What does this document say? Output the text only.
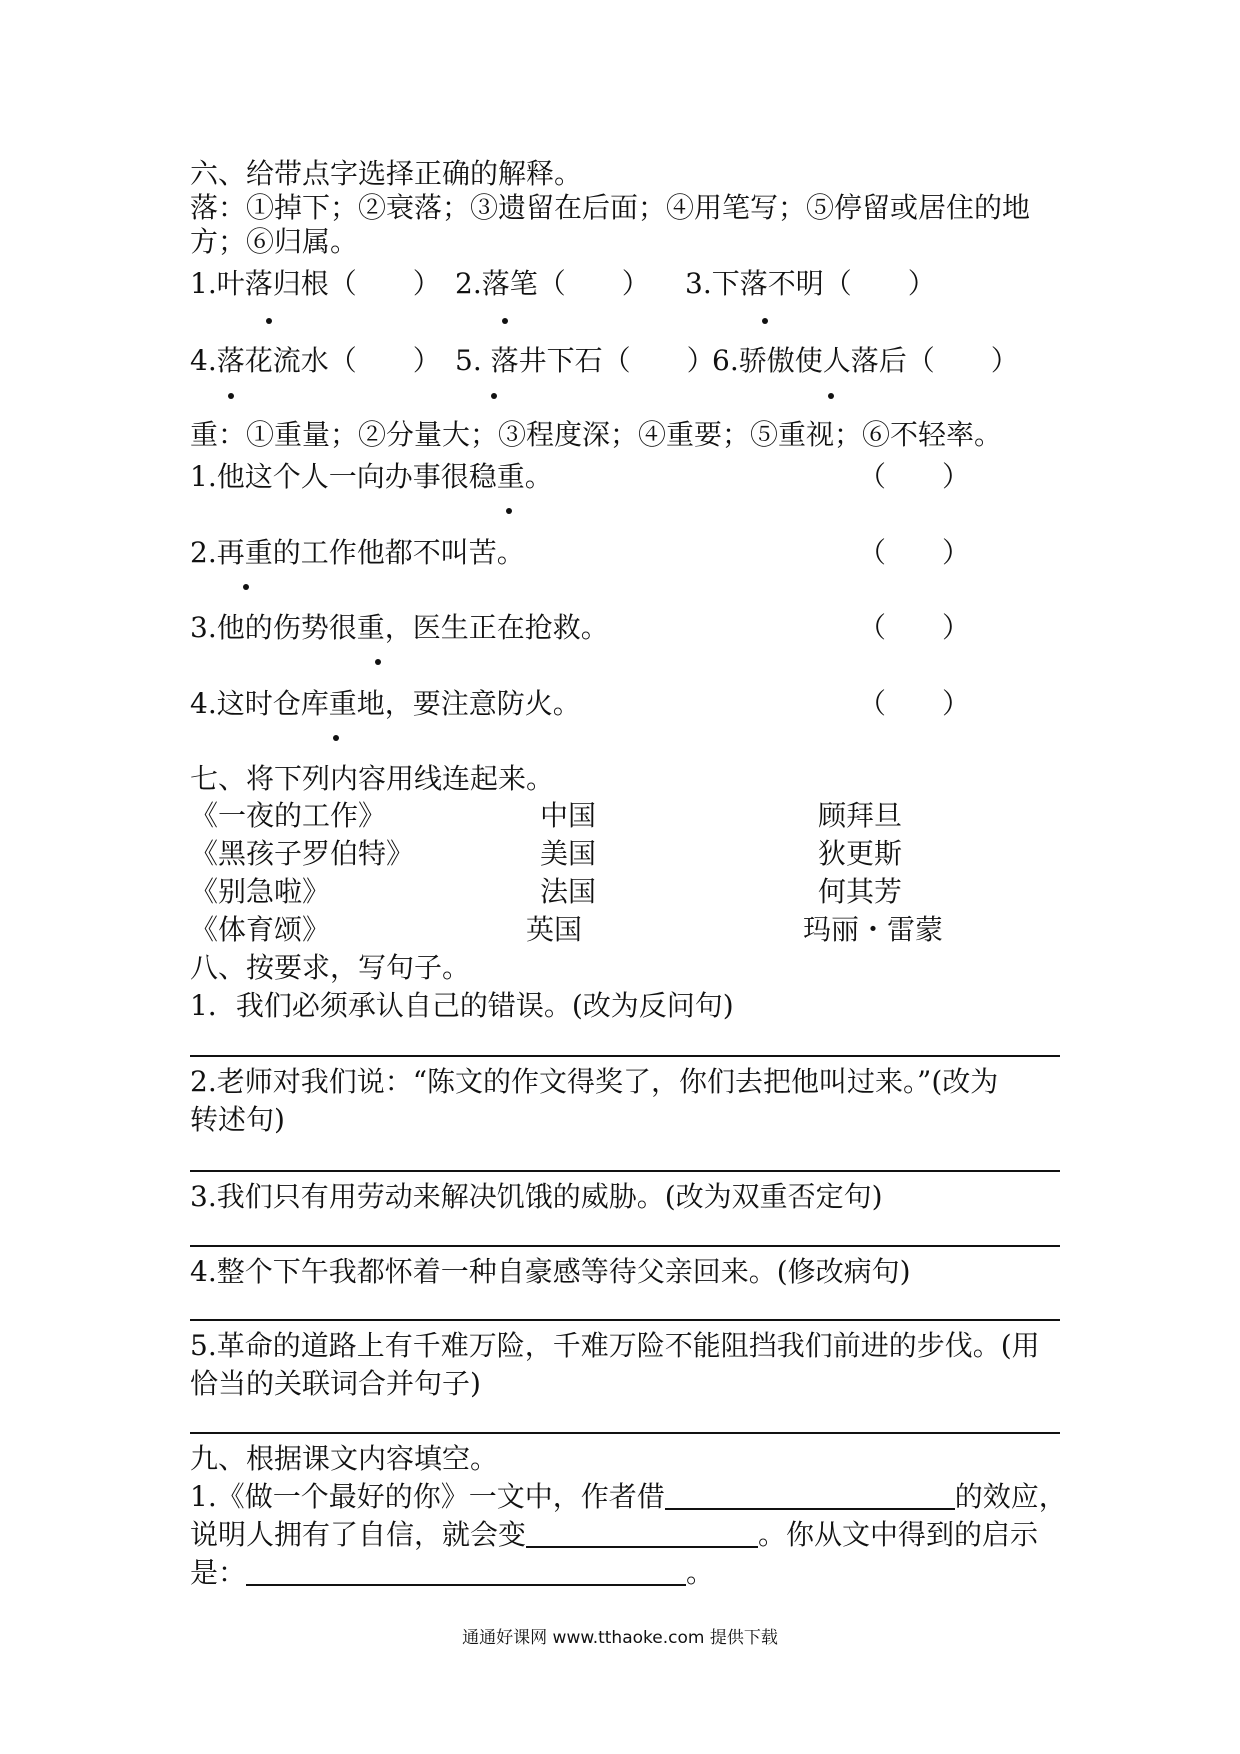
六、给带点字选择正确的解释。
落：①掉下；②衰落；③遗留在后面；④用笔写；⑤停留或居住的地
方；⑥归属。
1.叶落归根（　　） 2.落笔（　　） 3.下落不明（　　）
4.落花流水（　　） 5. 落井下石（　　）
6.骄傲使人落后（　　）
重：①重量；②分量大；③程度深；④重要；⑤重视；⑥不轻率。
1.他这个人一向办事很稳重。	（　　）
2.再重的工作他都不叫苦。	（　　）
3.他的伤势很重，医生正在抢救。	（　　）
4.这时仓库重地，要注意防火。	（　　）
七、将下列内容用线连起来。
《一夜的工作》	中国	顾拜旦
《黑孩子罗伯特》	美国	狄更斯
《别急啦》	法国	何其芳
《体育颂》	英国	玛丽・雷蒙
八、按要求，写句子。
1．我们必须承认自己的错误。(改为反问句)
2.老师对我们说：“陈文的作文得奖了，你们去把他叫过来。”(改为
转述句)
3.我们只有用劳动来解决饥饿的威胁。(改为双重否定句)
4.整个下午我都怀着一种自豪感等待父亲回来。(修改病句)
5.革命的道路上有千难万险，千难万险不能阻挡我们前进的步伐。(用
恰当的关联词合并句子)
九、根据课文内容填空。
1.《做一个最好的你》一文中，作者借	的效应，
说明人拥有了自信，就会变	。你从文中得到的启示
是：	。
通通好课网 www.tthaoke.com 提供下载
